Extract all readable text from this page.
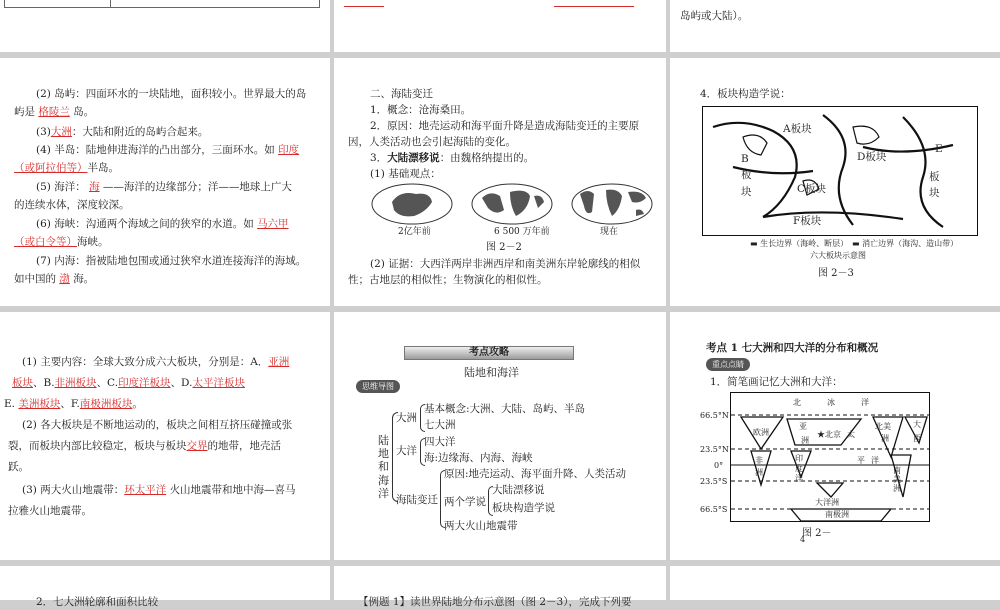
岛屿或大陆）。
(2) 岛屿：四面环水的一块陆地，面积较小。世界最大的岛
屿是 格陵兰 岛。
(3)大洲：大陆和附近的岛屿合起来。
(4) 半岛：陆地伸进海洋的凸出部分，三面环水。如 印度
（或阿拉伯等）半岛。
(5) 海洋： 海 ——海洋的边缘部分；洋——地球上广大
的连续水体，深度较深。
(6) 海峡：沟通两个海域之间的狭窄的水道。如 马六甲
（或白令等）海峡。
(7) 内海：指被陆地包围或通过狭窄水道连接海洋的海域。
如中国的 渤 海。
二、海陆变迁
1．概念：沧海桑田。
2．原因：地壳运动和海平面升降是造成海陆变迁的主要原
因，人类活动也会引起海陆的变化。
3．大陆漂移说：由魏格纳提出的。
(1) 基础观点：
2亿年前	6 500 万年前	现在
图 2－2
(2) 证据：大西洋两岸非洲西岸和南美洲东岸轮廓线的相似
性；古地层的相似性；生物演化的相似性。
4．板块构造学说：
A板块
B板块	C板块
D板块
E
F板块
板块
▬ 生长边界（海岭、断层） ▬ 消亡边界（海沟、造山带）
六大板块示意图
图 2－3
(1) 主要内容：全球大致分成六大板块，分别是：A．亚洲
板块、B.非洲板块、C.印度洋板块、D.太平洋板块
E. 美洲板块、F.南极洲板块。
(2) 各大板块是不断地运动的，板块之间相互挤压碰撞或张
裂，而板块内部比较稳定，板块与板块交界的地带，地壳活
跃。
(3) 两大火山地震带：环太平洋 火山地震带和地中海—喜马
拉雅火山地震带。
考点攻略
陆地和海洋
思维导图
陆地和海洋
大洲
基本概念:大洲、大陆、岛屿、半岛
七大洲
大洋
四大洋
海:边缘海、内海、海峡
海陆变迁
原因:地壳运动、海平面升降、人类活动
两个学说
大陆漂移说
板块构造学说
两大火山地震带
考点 1 七大洲和四大洋的分布和概况
重点点睛
1．简笔画记忆大洲和大洋：
北	冰	洋
欧洲
亚
洲
★北京 太
北美
洲
大
西
非
洲
印
度
洋
平 洋
南美洲
大洋洲
南极洲
66.5°N
23.5°N
0°
23.5°S
66.5°S
图 2－
4
2．七大洲轮廓和面积比较	【例题 1】读世界陆地分布示意图（图 2－3），完成下列要
